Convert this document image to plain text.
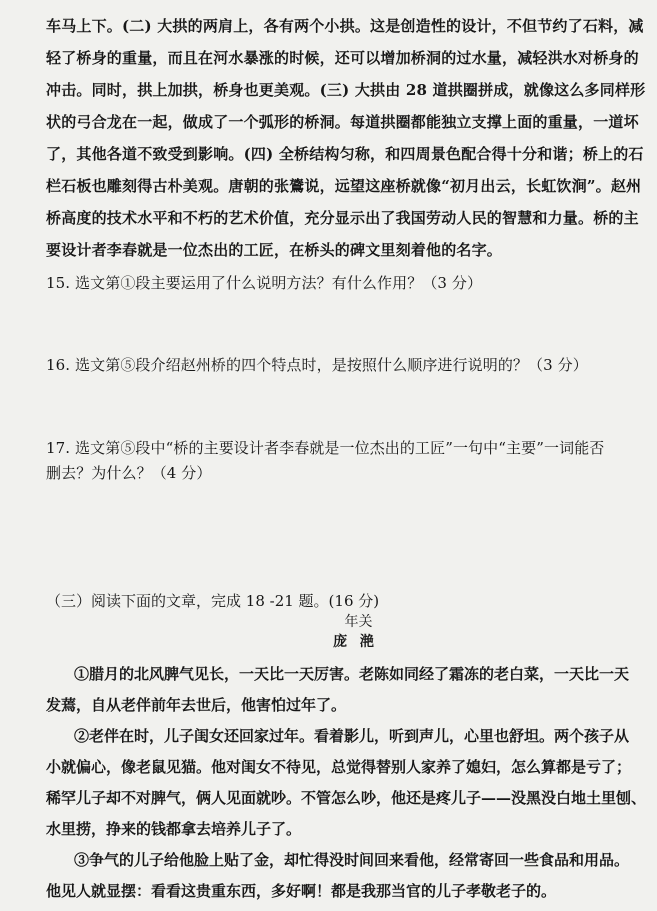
车马上下。(二) 大拱的两肩上，各有两个小拱。这是创造性的设计，不但节约了石料，减
轻了桥身的重量，而且在河水暴涨的时候，还可以增加桥洞的过水量，减轻洪水对桥身的
冲击。同时，拱上加拱，桥身也更美观。(三) 大拱由 28 道拱圈拼成，就像这么多同样形
状的弓合龙在一起，做成了一个弧形的桥洞。每道拱圈都能独立支撑上面的重量，一道坏
了，其他各道不致受到影响。(四) 全桥结构匀称，和四周景色配合得十分和谐；桥上的石
栏石板也雕刻得古朴美观。唐朝的张鷟说，远望这座桥就像“初月出云，长虹饮涧”。赵州
桥高度的技术水平和不朽的艺术价值，充分显示出了我国劳动人民的智慧和力量。桥的主
要设计者李春就是一位杰出的工匠，在桥头的碑文里刻着他的名字。
15. 选文第①段主要运用了什么说明方法？有什么作用？（3 分）
16. 选文第⑤段介绍赵州桥的四个特点时，是按照什么顺序进行说明的？（3 分）
17. 选文第⑤段中“桥的主要设计者李春就是一位杰出的工匠”一句中“主要”一词能否
删去？为什么？（4 分）
（三）阅读下面的文章，完成 18 -21 题。(16 分)
年关
庞 滟
①腊月的北风脾气见长，一天比一天厉害。老陈如同经了霜冻的老白菜，一天比一天
发蔫，自从老伴前年去世后，他害怕过年了。
②老伴在时，儿子闺女还回家过年。看着影儿，听到声儿，心里也舒坦。两个孩子从
小就偏心，像老鼠见猫。他对闺女不待见，总觉得替别人家养了媳妇，怎么算都是亏了；
稀罕儿子却不对脾气，俩人见面就吵。不管怎么吵，他还是疼儿子——没黑没白地土里刨、
水里捞，挣来的钱都拿去培养儿子了。
③争气的儿子给他脸上贴了金，却忙得没时间回来看他，经常寄回一些食品和用品。
他见人就显摆：看看这贵重东西，多好啊！都是我那当官的儿子孝敬老子的。
